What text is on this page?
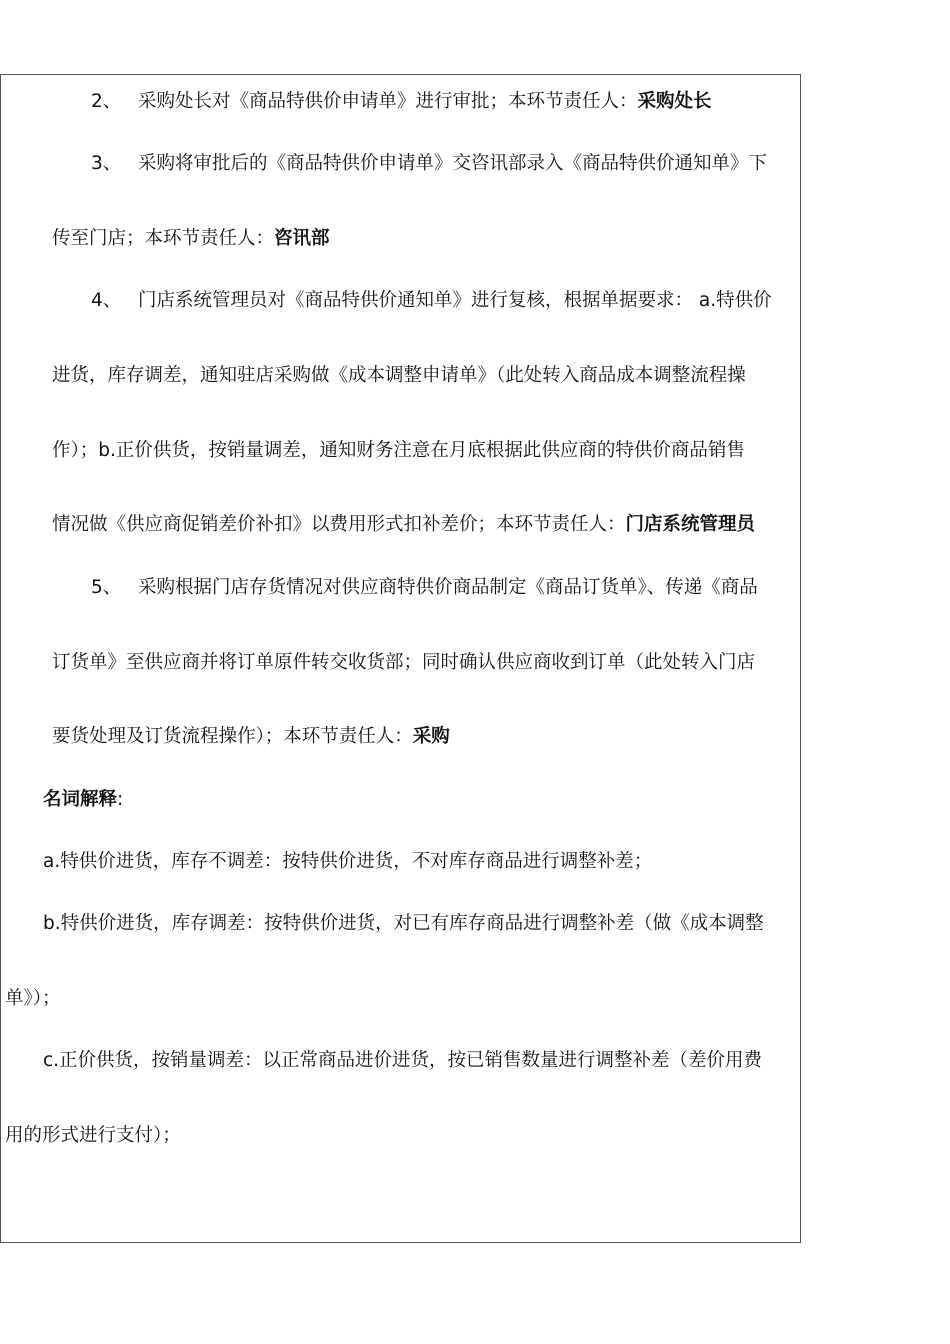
2、 采购处长对《商品特供价申请单》进行审批；本环节责任人：采购处长
3、 采购将审批后的《商品特供价申请单》交咨讯部录入《商品特供价通知单》下
传至门店；本环节责任人：咨讯部
4、 门店系统管理员对《商品特供价通知单》进行复核，根据单据要求： a.特供价
进货，库存调差，通知驻店采购做《成本调整申请单》（此处转入商品成本调整流程操
作）；b.正价供货，按销量调差，通知财务注意在月底根据此供应商的特供价商品销售
情况做《供应商促销差价补扣》以费用形式扣补差价；本环节责任人：门店系统管理员
5、 采购根据门店存货情况对供应商特供价商品制定《商品订货单》、传递《商品
订货单》至供应商并将订单原件转交收货部；同时确认供应商收到订单（此处转入门店
要货处理及订货流程操作）；本环节责任人：采购
名词解释:
a.特供价进货，库存不调差：按特供价进货，不对库存商品进行调整补差；
b.特供价进货，库存调差：按特供价进货，对已有库存商品进行调整补差（做《成本调整
单》）；
c.正价供货，按销量调差：以正常商品进价进货，按已销售数量进行调整补差（差价用费
用的形式进行支付）；
